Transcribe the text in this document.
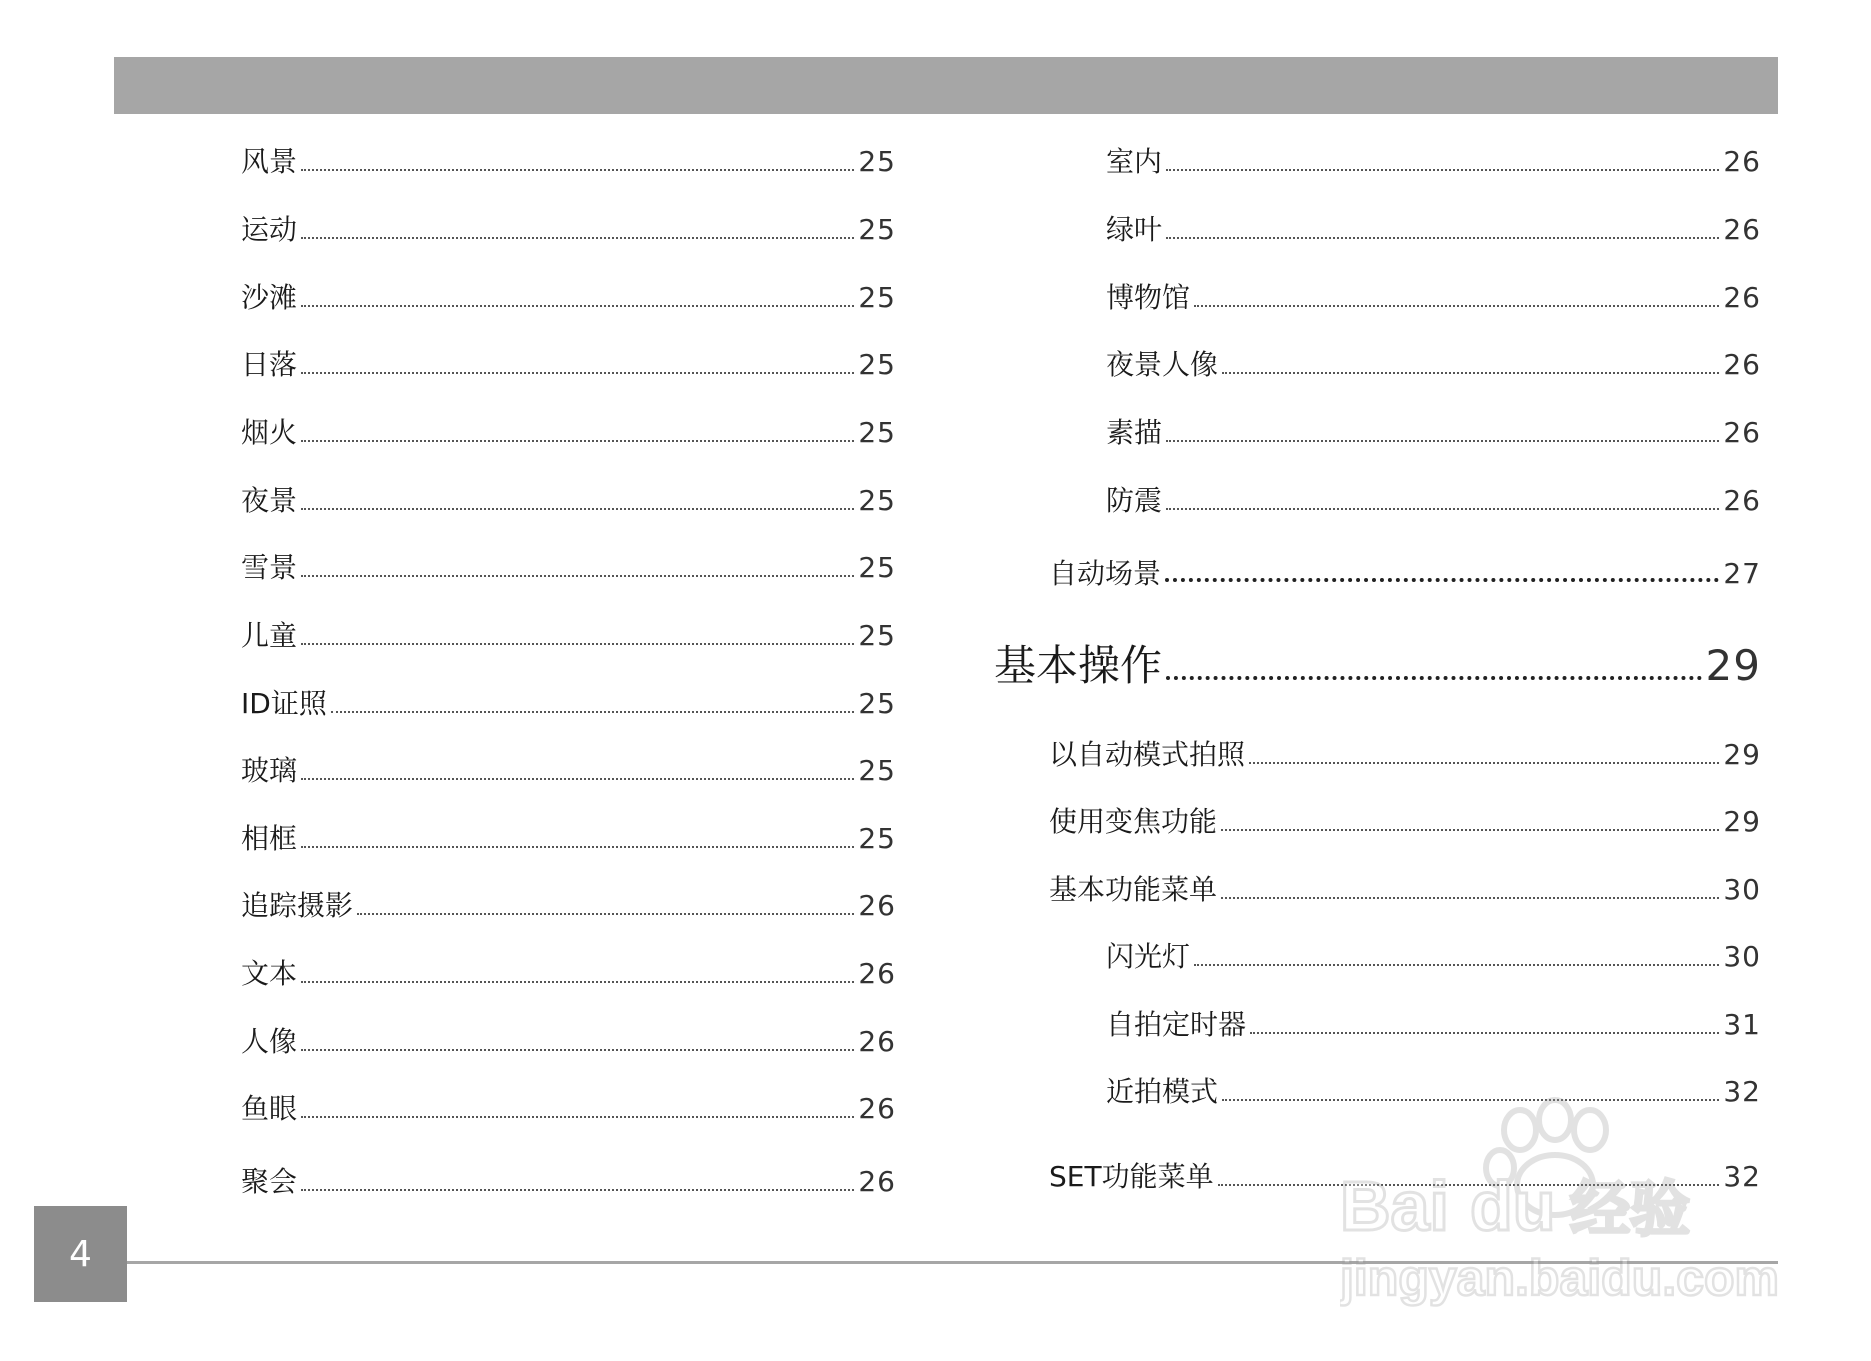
风景	25
运动	25
沙滩	25
日落	25
烟火	25
夜景	25
雪景	25
儿童	25
ID证照	25
玻璃	25
相框	25
追踪摄影	26
文本	26
人像	26
鱼眼	26
聚会	26
室内	26
绿叶	26
博物馆	26
夜景人像	26
素描	26
防震	26
自动场景	27
基本操作	29
以自动模式拍照	29
使用变焦功能	29
基本功能菜单	30
闪光灯	30
自拍定时器	31
近拍模式	32
SET功能菜单	32
4
Bai du 经验
jingyan.baidu.com
